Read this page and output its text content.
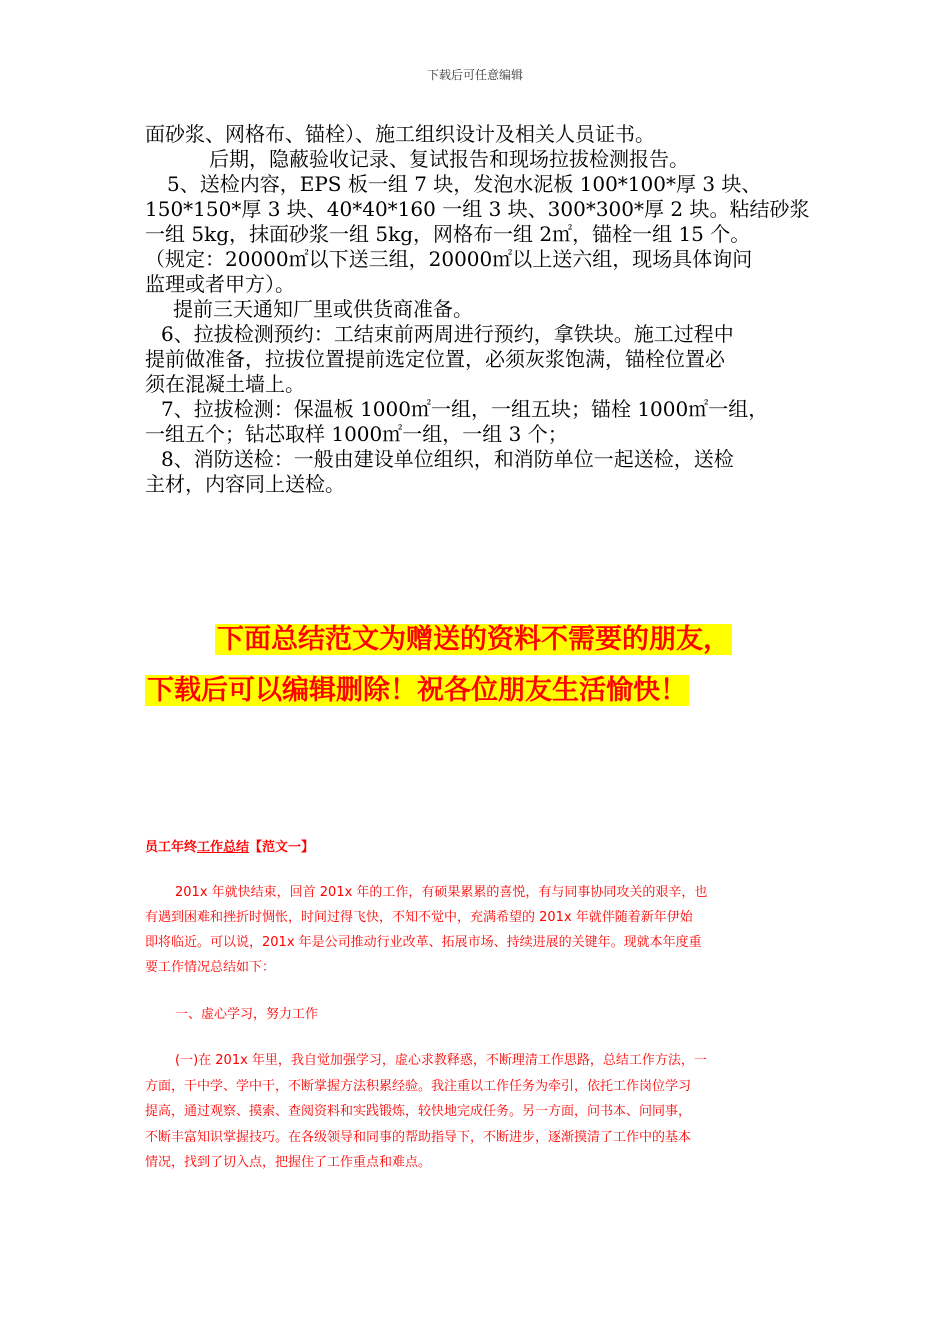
下载后可任意编辑

面砂浆、网格布、锚栓）、施工组织设计及相关人员证书。

后期，隐蔽验收记录、复试报告和现场拉拔检测报告。

5、送检内容，EPS 板一组 7 块，发泡水泥板 100*100*厚 3 块、

150*150*厚 3 块、40*40*160 一组 3 块、300*300*厚 2 块。粘结砂浆

一组 5kg，抹面砂浆一组 5kg，网格布一组 2㎡，锚栓一组 15 个。

（规定：20000㎡以下送三组，20000㎡以上送六组，现场具体询问

监理或者甲方）。

提前三天通知厂里或供货商准备。

6、拉拔检测预约：工结束前两周进行预约，拿铁块。施工过程中

提前做准备，拉拔位置提前选定位置，必须灰浆饱满，锚栓位置必

须在混凝土墙上。

7、拉拔检测：保温板 1000㎡一组，一组五块；锚栓 1000㎡一组，

一组五个；钻芯取样 1000㎡一组，一组 3 个；

8、消防送检：一般由建设单位组织，和消防单位一起送检，送检

主材，内容同上送检。

下面总结范文为赠送的资料不需要的朋友，
下载后可以编辑删除！祝各位朋友生活愉快！
员工年终工作总结【范文一】

201x 年就快结束，回首 201x 年的工作，有硕果累累的喜悦，有与同事协同攻关的艰辛，也

有遇到困难和挫折时惆怅，时间过得飞快，不知不觉中，充满希望的 201x 年就伴随着新年伊始

即将临近。可以说，201x 年是公司推动行业改革、拓展市场、持续进展的关键年。现就本年度重

要工作情况总结如下：

一、虚心学习，努力工作

(一)在 201x 年里，我自觉加强学习，虚心求教释惑，不断理清工作思路，总结工作方法，一

方面，干中学、学中干，不断掌握方法积累经验。我注重以工作任务为牵引，依托工作岗位学习

提高，通过观察、摸索、查阅资料和实践锻炼，较快地完成任务。另一方面，问书本、问同事，

不断丰富知识掌握技巧。在各级领导和同事的帮助指导下，不断进步，逐渐摸清了工作中的基本

情况，找到了切入点，把握住了工作重点和难点。
